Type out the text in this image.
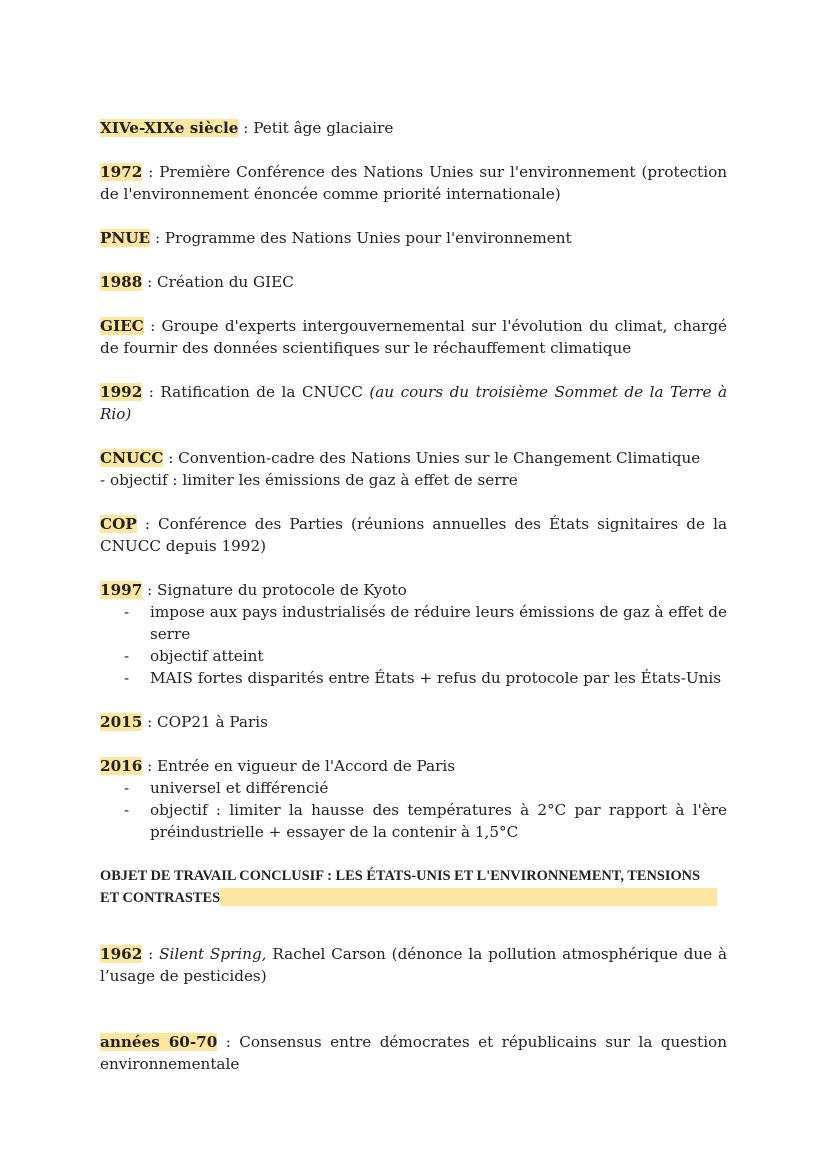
XIVe-XIXe siècle : Petit âge glaciaire

1972 : Première Conférence des Nations Unies sur l'environnement (protection de l'environnement énoncée comme priorité internationale)

PNUE : Programme des Nations Unies pour l'environnement

1988 : Création du GIEC

GIEC : Groupe d'experts intergouvernemental sur l'évolution du climat, chargé de fournir des données scientifiques sur le réchauffement climatique

1992 : Ratification de la CNUCC (au cours du troisième Sommet de la Terre à Rio)

CNUCC : Convention-cadre des Nations Unies sur le Changement Climatique
- objectif : limiter les émissions de gaz à effet de serre

COP : Conférence des Parties (réunions annuelles des États signitaires de la CNUCC depuis 1992)

1997 : Signature du protocole de Kyoto
- impose aux pays industrialisés de réduire leurs émissions de gaz à effet de serre
- objectif atteint
- MAIS fortes disparités entre États + refus du protocole par les États-Unis

2015 : COP21 à Paris

2016 : Entrée en vigueur de l'Accord de Paris
- universel et différencié
- objectif : limiter la hausse des températures à 2°C par rapport à l'ère préindustrielle + essayer de la contenir à 1,5°C
OBJET DE TRAVAIL CONCLUSIF : LES ÉTATS-UNIS ET L'ENVIRONNEMENT, TENSIONS
ET CONTRASTES

1962 : Silent Spring, Rachel Carson (dénonce la pollution atmosphérique due à l’usage de pesticides)

années 60-70 : Consensus entre démocrates et républicains sur la question environnementale
